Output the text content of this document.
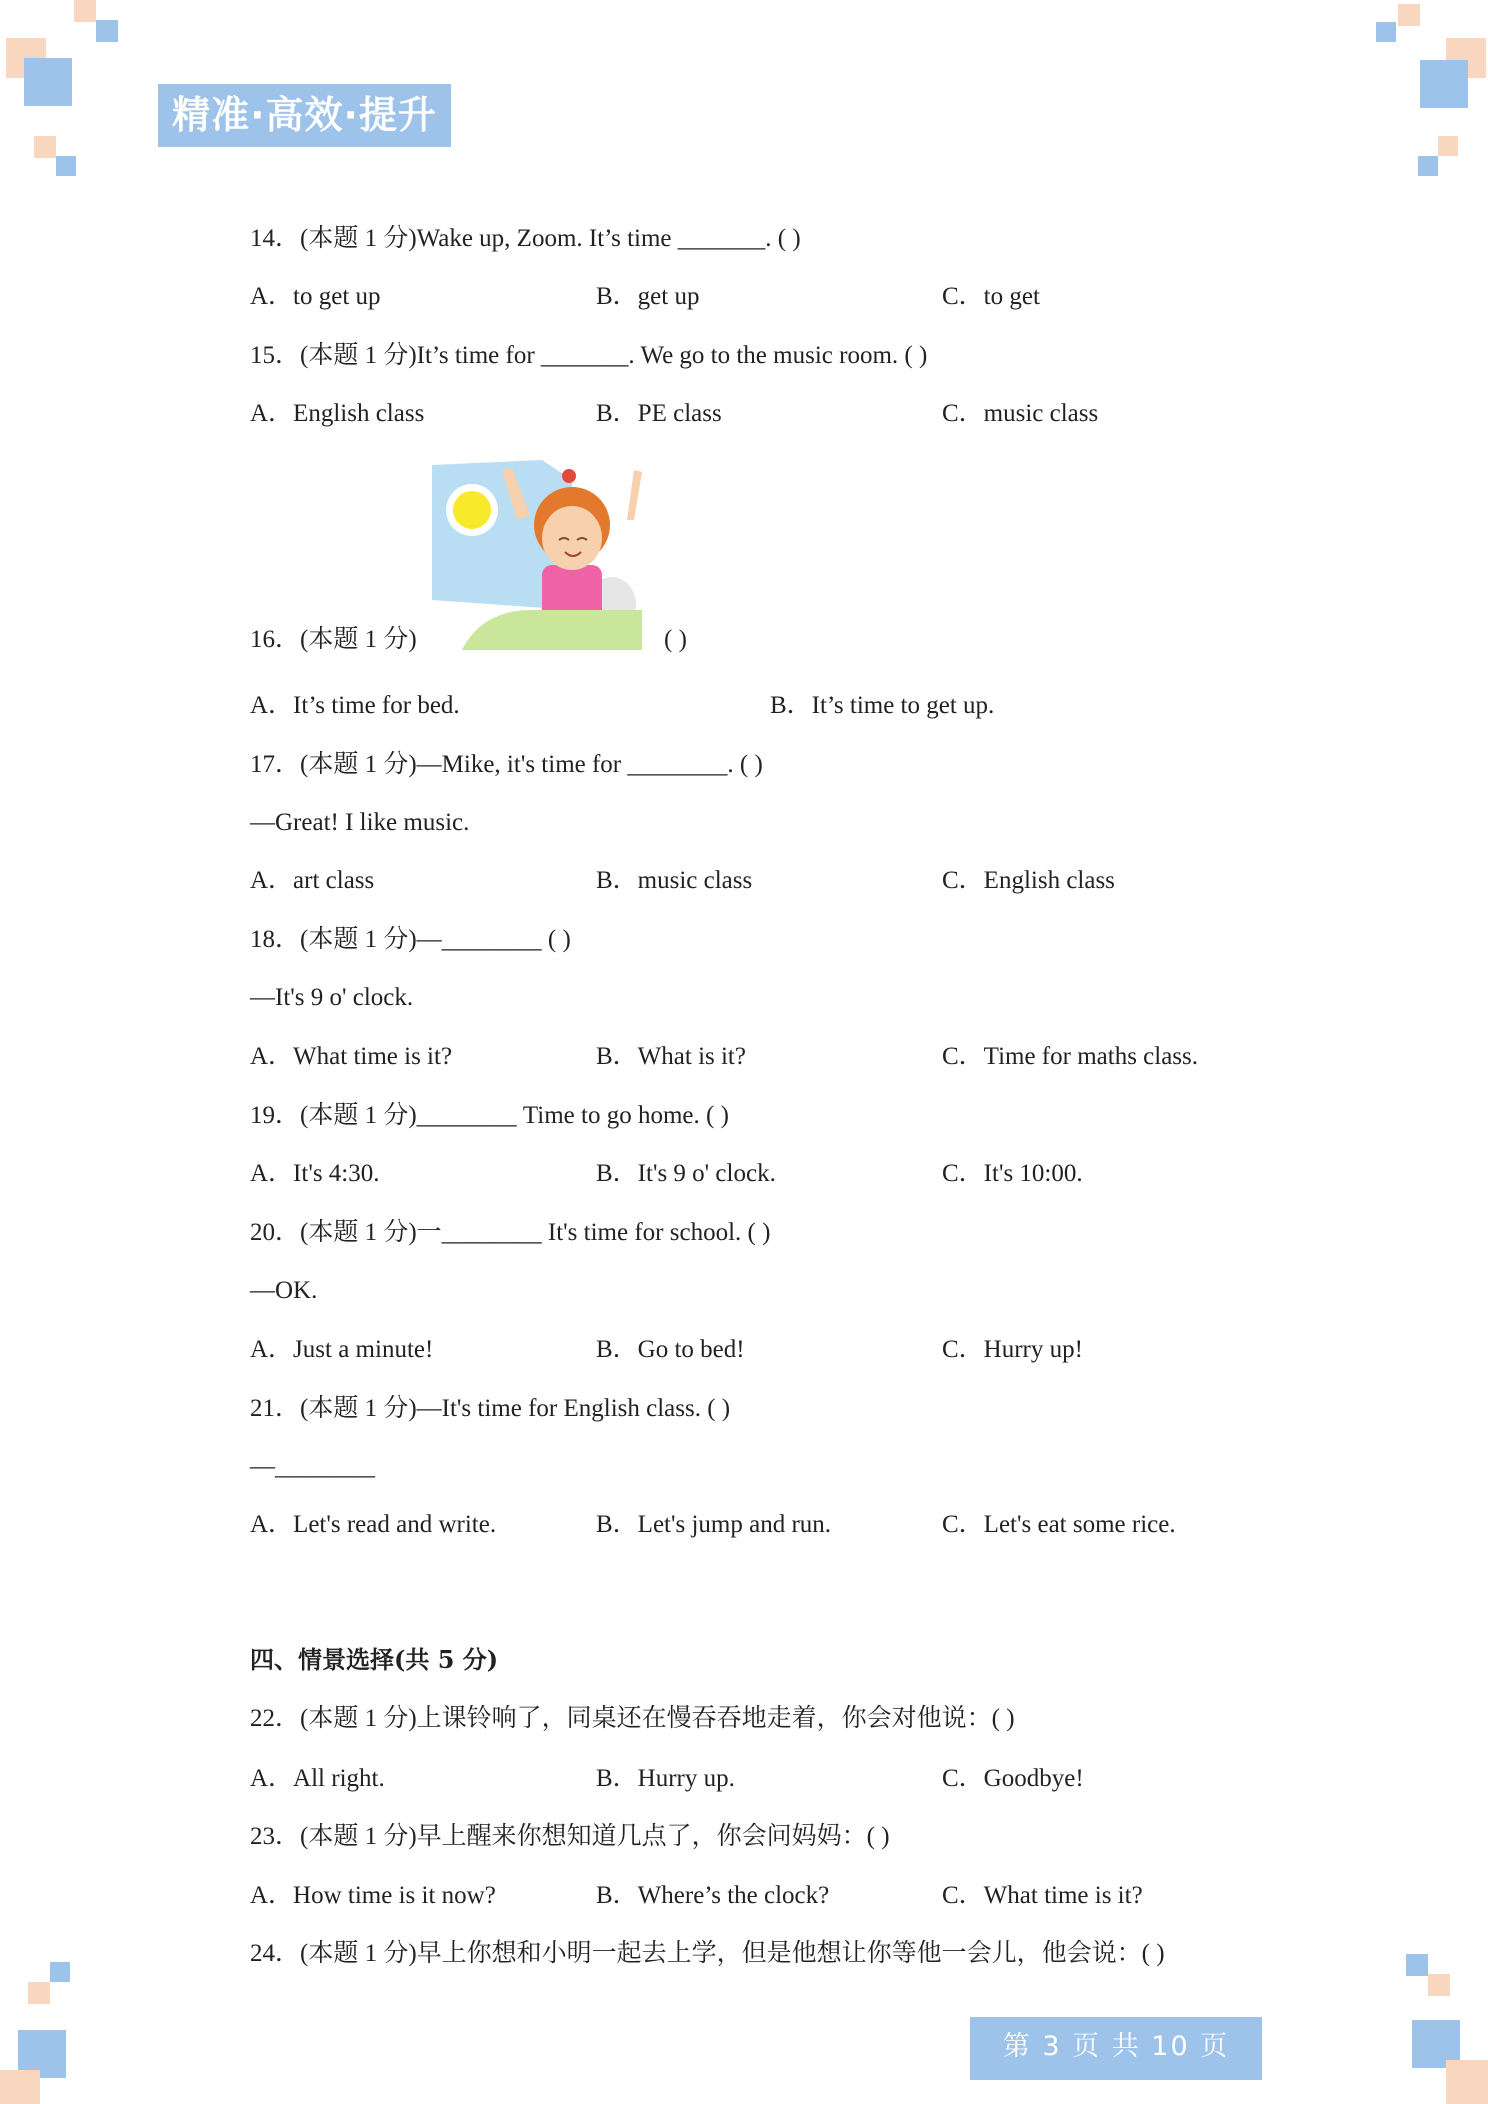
精准·高效·提升
14．(本题 1 分)Wake up, Zoom. It’s time _______. ( )
A．to get up	B．get up	C．to get
15．(本题 1 分)It’s time for _______. We go to the music room. ( )
A．English class	B．PE class	C．music class
16．(本题 1 分)	( )
A．It’s time for bed.	B．It’s time to get up.
17．(本题 1 分)—Mike, it's time for ________. ( )
—Great! I like music.
A．art class	B．music class	C．English class
18．(本题 1 分)—________ ( )
—It's 9 o' clock.
A．What time is it?	B．What is it?	C．Time for maths class.
19．(本题 1 分)________ Time to go home. ( )
A．It's 4:30.	B．It's 9 o' clock.	C．It's 10:00.
20．(本题 1 分)一________ It's time for school. ( )
—OK.
A．Just a minute!	B．Go to bed!	C．Hurry up!
21．(本题 1 分)—It's time for English class. ( )
—________
A．Let's read and write.	B．Let's jump and run.	C．Let's eat some rice.
四、情景选择(共 5 分)
22．(本题 1 分)上课铃响了，同桌还在慢吞吞地走着，你会对他说：( )
A．All right.	B．Hurry up.	C．Goodbye!
23．(本题 1 分)早上醒来你想知道几点了，你会问妈妈：( )
A．How time is it now?	B．Where’s the clock?	C．What time is it?
24．(本题 1 分)早上你想和小明一起去上学，但是他想让你等他一会儿，他会说：( )
第 3 页 共 10 页
